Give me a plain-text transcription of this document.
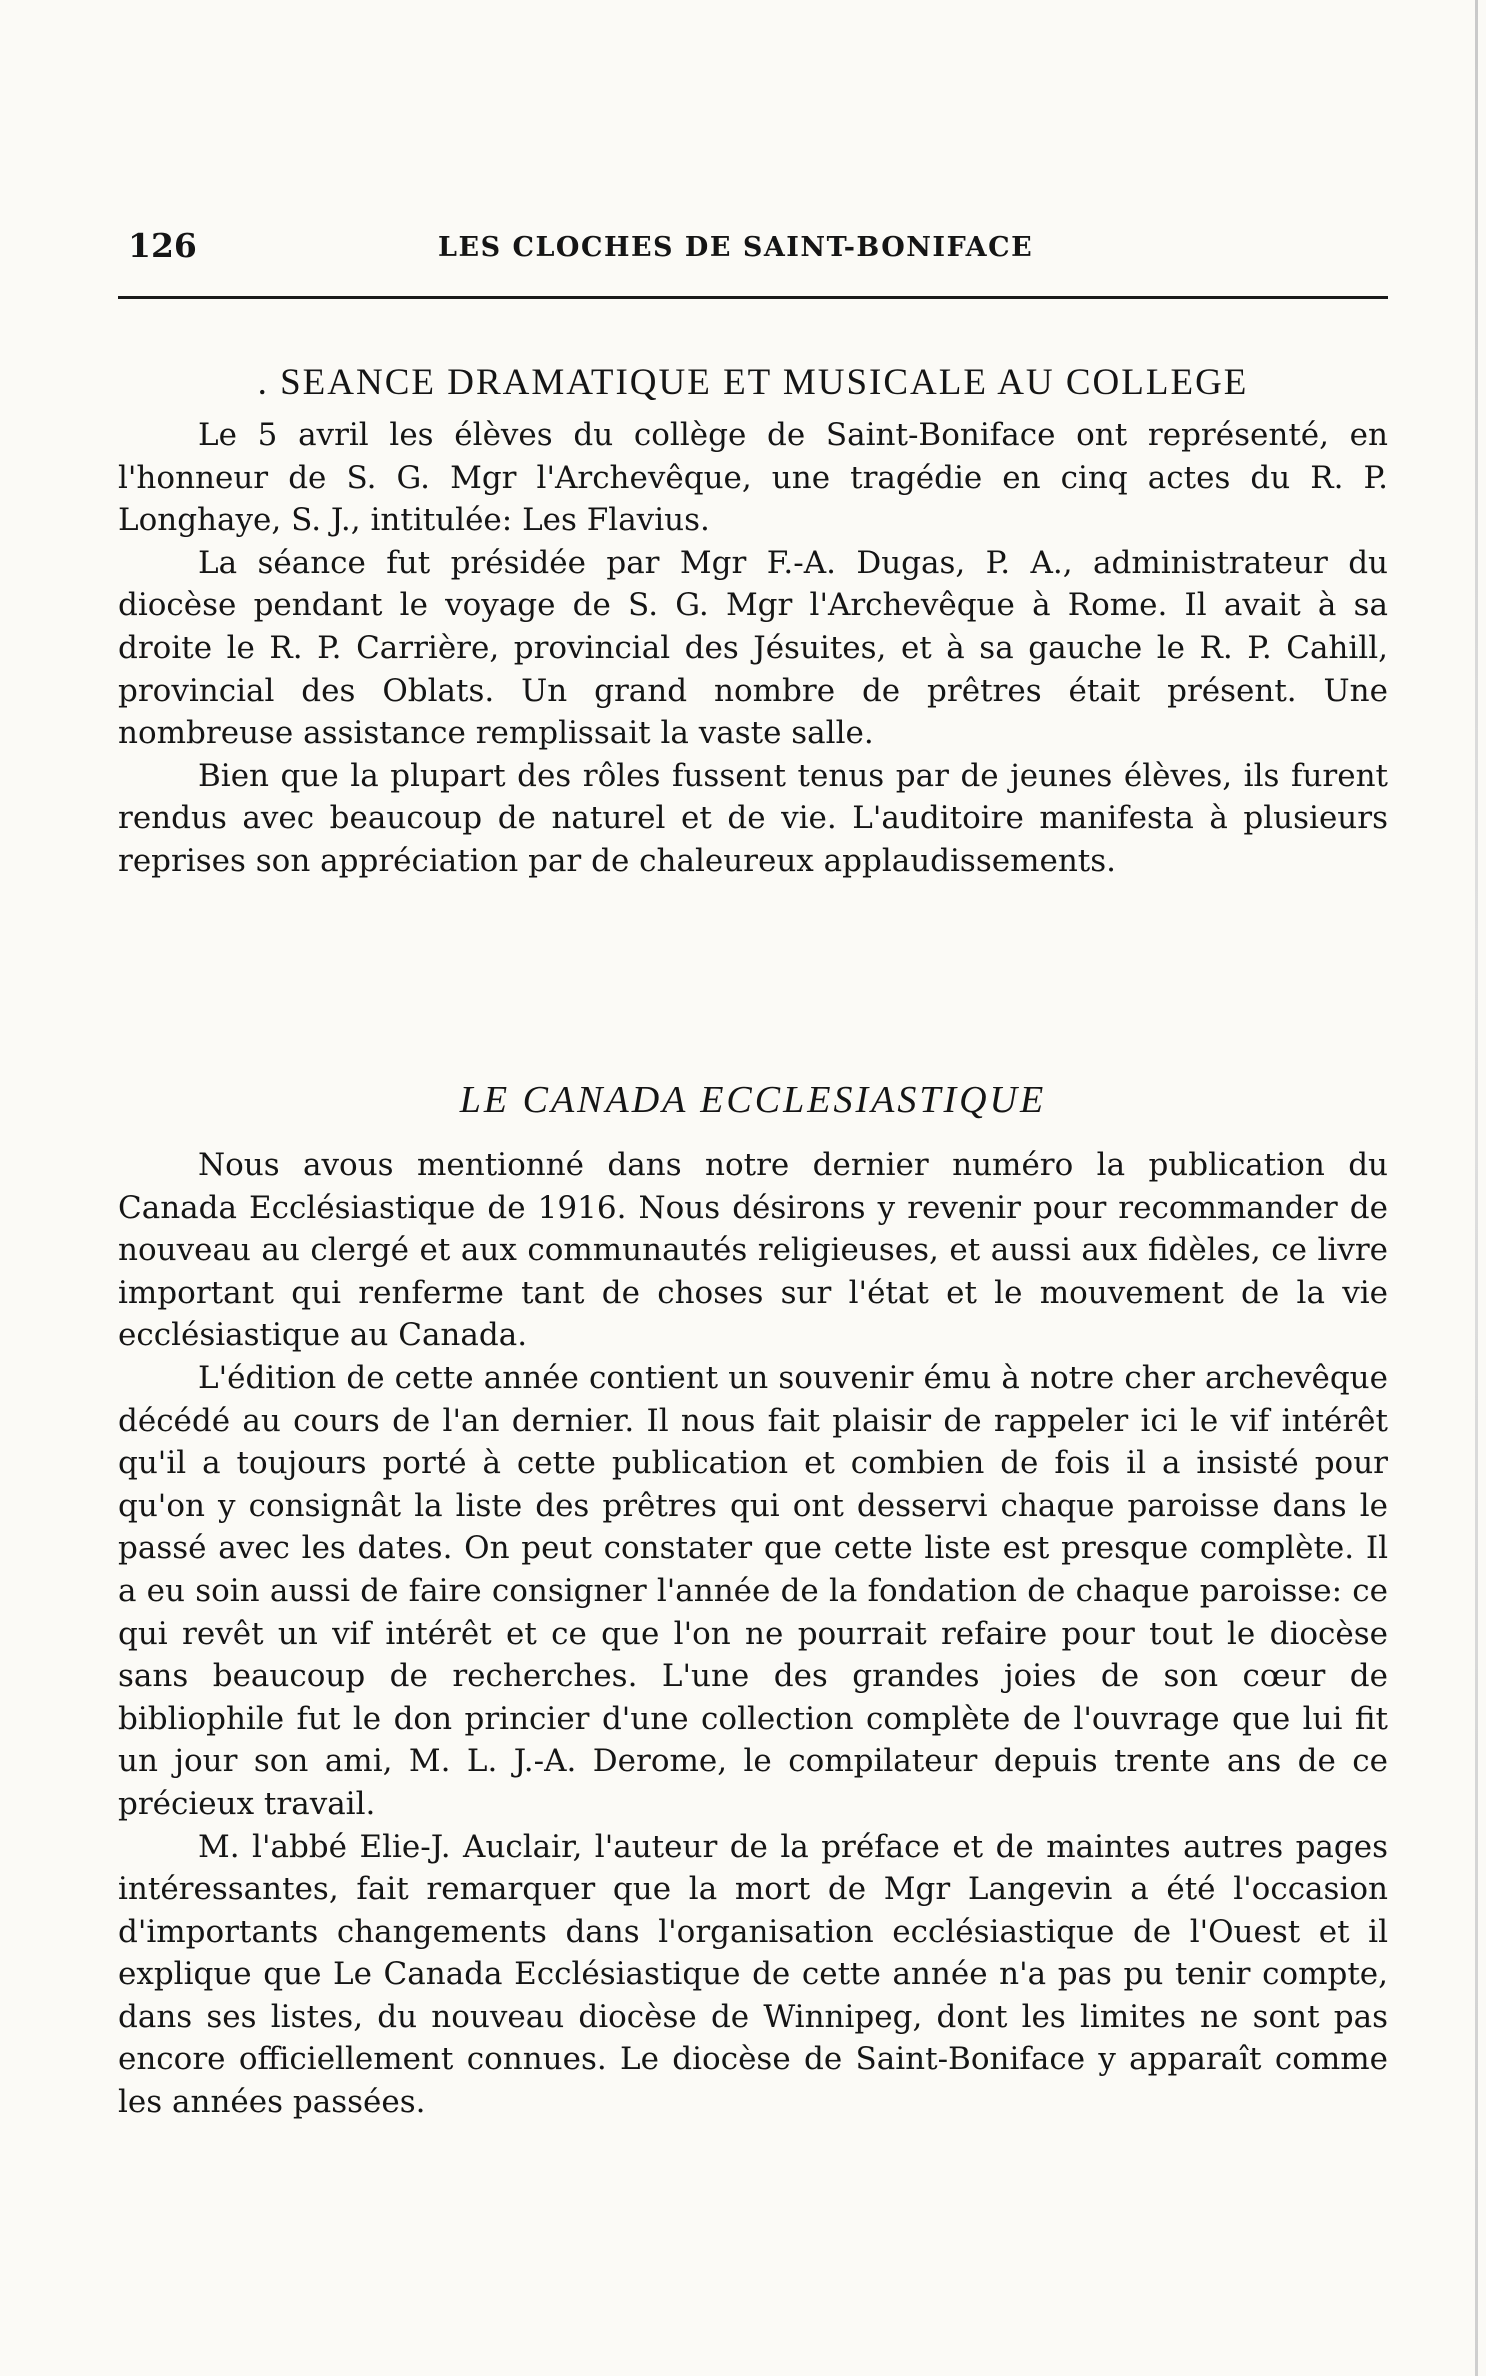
126	LES CLOCHES DE SAINT-BONIFACE
. SEANCE DRAMATIQUE ET MUSICALE AU COLLEGE

Le 5 avril les élèves du collège de Saint-Boniface ont représenté, en l'honneur de S. G. Mgr l'Archevêque, une tragédie en cinq actes du R. P. Longhaye, S. J., intitulée: Les Flavius.

La séance fut présidée par Mgr F.-A. Dugas, P. A., administrateur du diocèse pendant le voyage de S. G. Mgr l'Archevêque à Rome. Il avait à sa droite le R. P. Carrière, provincial des Jésuites, et à sa gauche le R. P. Cahill, provincial des Oblats. Un grand nombre de prêtres était présent. Une nombreuse assistance remplissait la vaste salle.

Bien que la plupart des rôles fussent tenus par de jeunes élèves, ils furent rendus avec beaucoup de naturel et de vie. L'auditoire manifesta à plusieurs reprises son appréciation par de chaleureux applaudissements.

LE CANADA ECCLESIASTIQUE

Nous avous mentionné dans notre dernier numéro la publication du Canada Ecclésiastique de 1916. Nous désirons y revenir pour recommander de nouveau au clergé et aux communautés religieuses, et aussi aux fidèles, ce livre important qui renferme tant de choses sur l'état et le mouvement de la vie ecclésiastique au Canada.

L'édition de cette année contient un souvenir ému à notre cher archevêque décédé au cours de l'an dernier. Il nous fait plaisir de rappeler ici le vif intérêt qu'il a toujours porté à cette publication et combien de fois il a insisté pour qu'on y consignât la liste des prêtres qui ont desservi chaque paroisse dans le passé avec les dates. On peut constater que cette liste est presque complète. Il a eu soin aussi de faire consigner l'année de la fondation de chaque paroisse: ce qui revêt un vif intérêt et ce que l'on ne pourrait refaire pour tout le diocèse sans beaucoup de recherches. L'une des grandes joies de son cœur de bibliophile fut le don princier d'une collection complète de l'ouvrage que lui fit un jour son ami, M. L. J.-A. Derome, le compilateur depuis trente ans de ce précieux travail.

M. l'abbé Elie-J. Auclair, l'auteur de la préface et de maintes autres pages intéressantes, fait remarquer que la mort de Mgr Langevin a été l'occasion d'importants changements dans l'organisation ecclésiastique de l'Ouest et il explique que Le Canada Ecclésiastique de cette année n'a pas pu tenir compte, dans ses listes, du nouveau diocèse de Winnipeg, dont les limites ne sont pas encore officiellement connues. Le diocèse de Saint-Boniface y apparaît comme les années passées.
